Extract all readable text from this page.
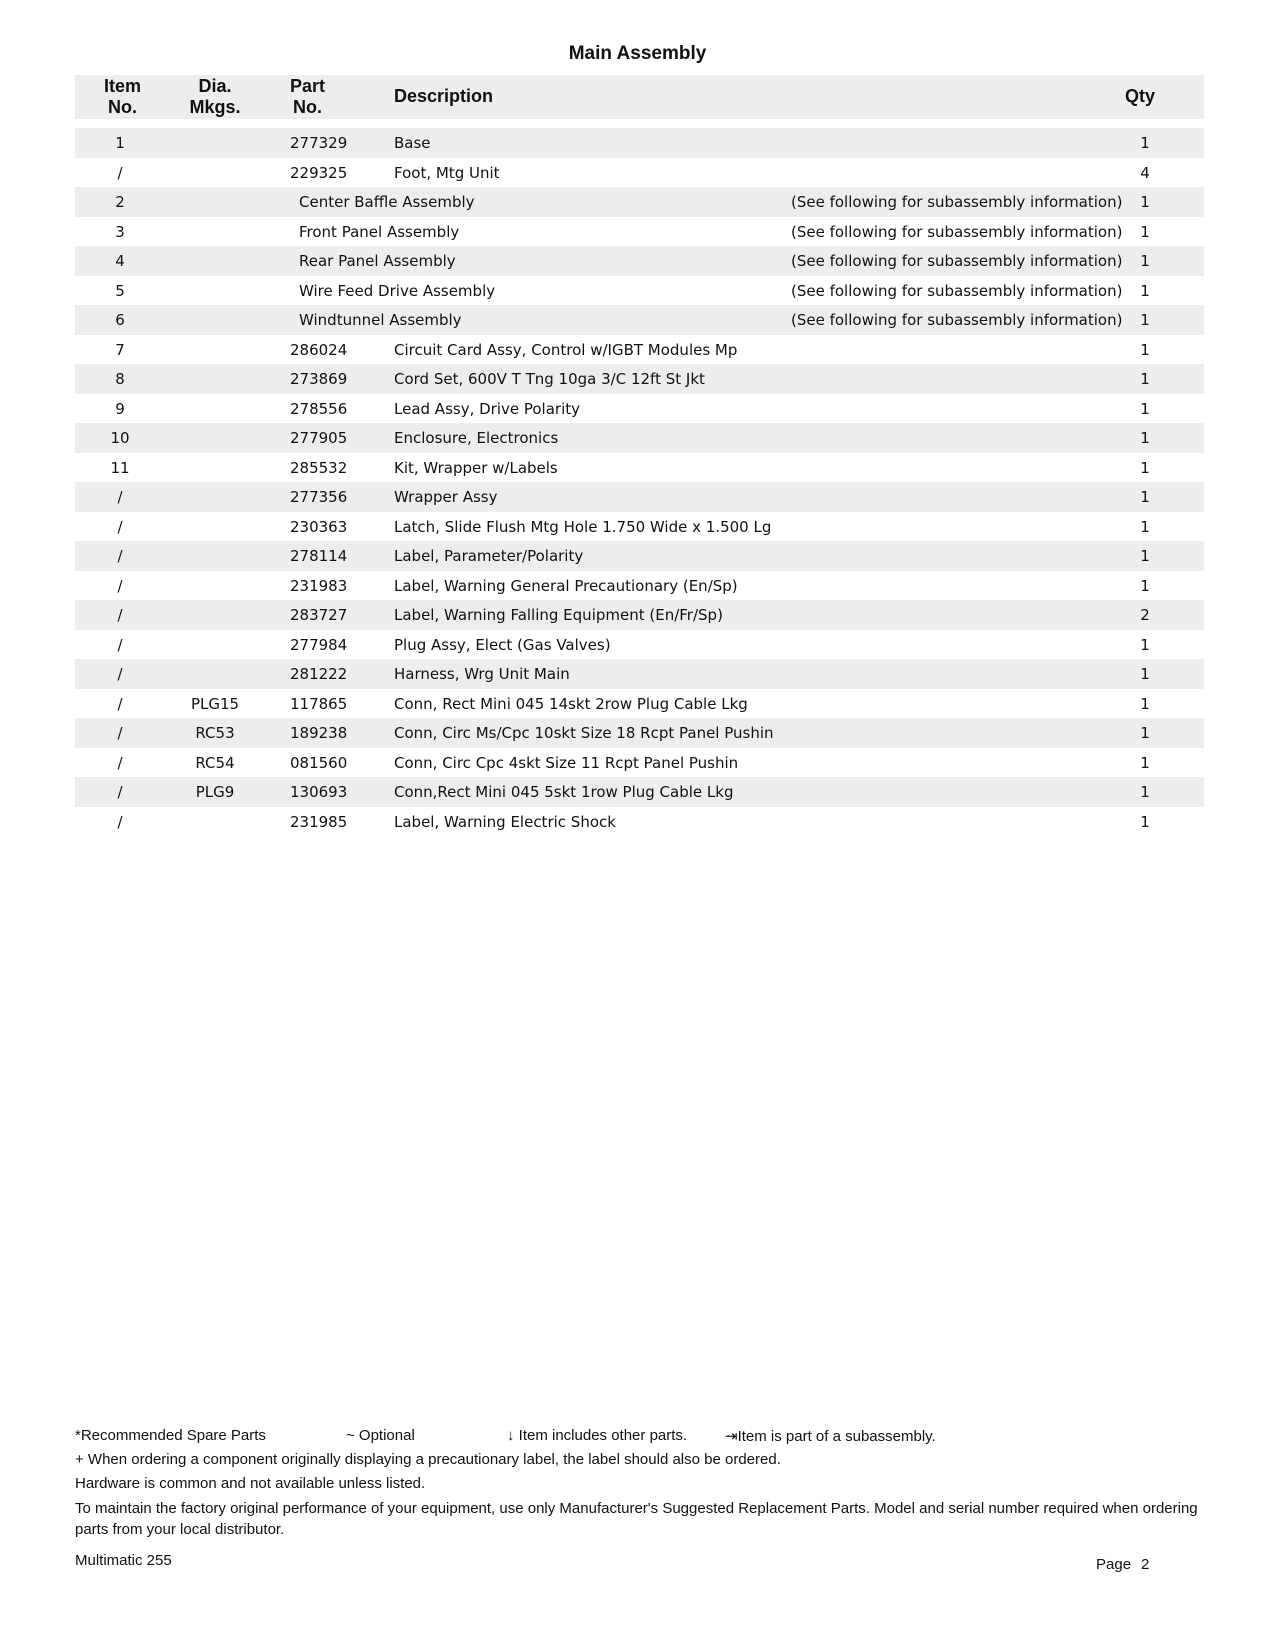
Main Assembly
Item
No.
Dia.
Mkgs.
Part
No.
Description	Qty
1	277329	Base	1
/	229325	Foot, Mtg Unit	4
2	Center Baffle Assembly	(See following for subassembly information)	1
3	Front Panel Assembly	(See following for subassembly information)	1
4	Rear Panel Assembly	(See following for subassembly information)	1
5	Wire Feed Drive Assembly	(See following for subassembly information)	1
6	Windtunnel Assembly	(See following for subassembly information)	1
7	286024	Circuit Card Assy, Control w/IGBT Modules Mp	1
8	273869	Cord Set, 600V T Tng 10ga 3/C 12ft St Jkt	1
9	278556	Lead Assy, Drive Polarity	1
10	277905	Enclosure, Electronics	1
11	285532	Kit, Wrapper w/Labels	1
/	277356	Wrapper Assy	1
/	230363	Latch, Slide Flush Mtg Hole 1.750 Wide x 1.500 Lg	1
/	278114	Label, Parameter/Polarity	1
/	231983	Label, Warning General Precautionary (En/Sp)	1
/	283727	Label, Warning Falling Equipment (En/Fr/Sp)	2
/	277984	Plug Assy, Elect (Gas Valves)	1
/	281222	Harness, Wrg Unit Main	1
/	PLG15	117865	Conn, Rect Mini 045 14skt 2row Plug Cable Lkg	1
/	RC53	189238	Conn, Circ Ms/Cpc 10skt Size 18 Rcpt Panel Pushin	1
/	RC54	081560	Conn, Circ Cpc 4skt Size 11 Rcpt Panel Pushin	1
/	PLG9	130693	Conn,Rect Mini 045 5skt 1row Plug Cable Lkg	1
/	231985	Label, Warning Electric Shock	1
*Recommended Spare Parts	~ Optional	↓ Item includes other parts.	⇥Item is part of a subassembly.
+ When ordering a component originally displaying a precautionary label, the label should also be ordered.
Hardware is common and not available unless listed.
To maintain the factory original performance of your equipment, use only Manufacturer's Suggested Replacement Parts. Model and serial number required when ordering parts from your local distributor.
Multimatic 255	Page 2
